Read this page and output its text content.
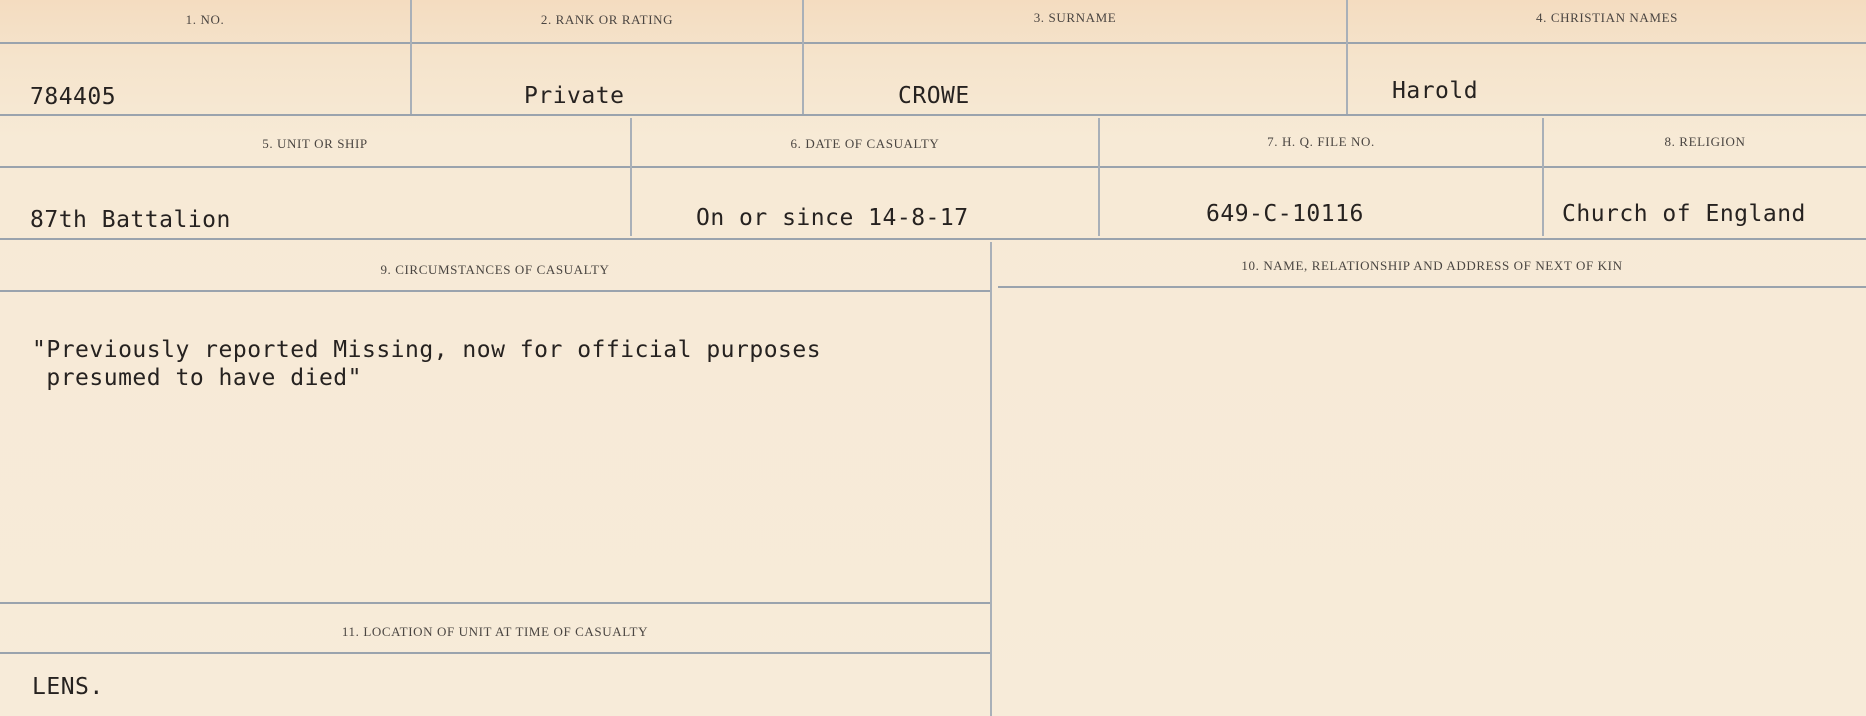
1. NO.	2. RANK OR RATING	3. SURNAME	4. CHRISTIAN NAMES
784405	Private	CROWE	Harold
5. UNIT OR SHIP	6. DATE OF CASUALTY	7. H. Q. FILE NO.	8. RELIGION
87th Battalion	On or since 14-8-17	649-C-10116	Church of England
9. CIRCUMSTANCES OF CASUALTY	10. NAME, RELATIONSHIP AND ADDRESS OF NEXT OF KIN
"Previously reported Missing, now for official purposes
presumed to have died"
11. LOCATION OF UNIT AT TIME OF CASUALTY
LENS.
